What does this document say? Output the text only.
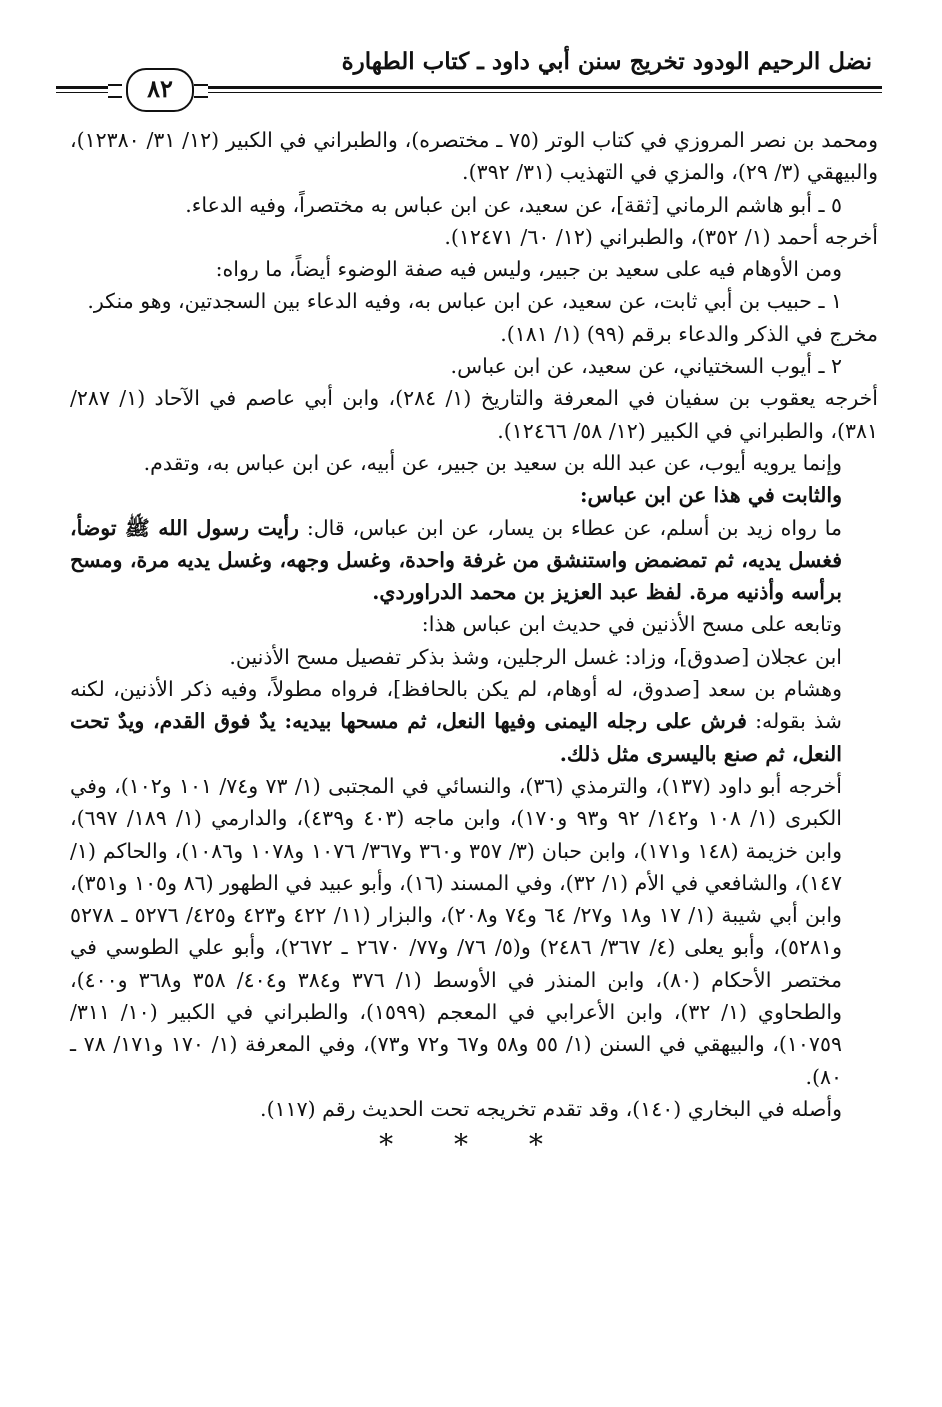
نضل الرحيم الودود تخريج سنن أبي داود ـ كتاب الطهارة
٨٢

ومحمد بن نصر المروزي في كتاب الوتر (٧٥ ـ مختصره)، والطبراني في الكبير (١٢/ ٣١/ ١٢٣٨٠)، والبيهقي (٣/ ٢٩)، والمزي في التهذيب (٣١/ ٣٩٢).

٥ ـ أبو هاشم الرماني [ثقة]، عن سعيد، عن ابن عباس به مختصراً، وفيه الدعاء.

أخرجه أحمد (١/ ٣٥٢)، والطبراني (١٢/ ٦٠/ ١٢٤٧١).

ومن الأوهام فيه على سعيد بن جبير، وليس فيه صفة الوضوء أيضاً، ما رواه:

١ ـ حبيب بن أبي ثابت، عن سعيد، عن ابن عباس به، وفيه الدعاء بين السجدتين، وهو منكر.

مخرج في الذكر والدعاء برقم (٩٩) (١/ ١٨١).

٢ ـ أيوب السختياني، عن سعيد، عن ابن عباس.

أخرجه يعقوب بن سفيان في المعرفة والتاريخ (١/ ٢٨٤)، وابن أبي عاصم في الآحاد (١/ ٢٨٧/ ٣٨١)، والطبراني في الكبير (١٢/ ٥٨/ ١٢٤٦٦).

وإنما يرويه أيوب، عن عبد الله بن سعيد بن جبير، عن أبيه، عن ابن عباس به، وتقدم.

والثابت في هذا عن ابن عباس:

ما رواه زيد بن أسلم، عن عطاء بن يسار، عن ابن عباس، قال: رأيت رسول الله ﷺ توضأ، فغسل يديه، ثم تمضمض واستنشق من غرفة واحدة، وغسل وجهه، وغسل يديه مرة، ومسح برأسه وأذنيه مرة. لفظ عبد العزيز بن محمد الدراوردي.

وتابعه على مسح الأذنين في حديث ابن عباس هذا:

ابن عجلان [صدوق]، وزاد: غسل الرجلين، وشذ بذكر تفصيل مسح الأذنين.

وهشام بن سعد [صدوق، له أوهام، لم يكن بالحافظ]، فرواه مطولاً، وفيه ذكر الأذنين، لكنه شذ بقوله: فرش على رجله اليمنى وفيها النعل، ثم مسحها بيديه: يدٌ فوق القدم، ويدٌ تحت النعل، ثم صنع باليسرى مثل ذلك.

أخرجه أبو داود (١٣٧)، والترمذي (٣٦)، والنسائي في المجتبى (١/ ٧٣ و٧٤/ ١٠١ و١٠٢)، وفي الكبرى (١/ ١٠٨ و١٤٢/ ٩٢ و٩٣ و١٧٠)، وابن ماجه (٤٠٣ و٤٣٩)، والدارمي (١/ ١٨٩/ ٦٩٧)، وابن خزيمة (١٤٨ و١٧١)، وابن حبان (٣/ ٣٥٧ و٣٦٠ و٣٦٧/ ١٠٧٦ و١٠٧٨ و١٠٨٦)، والحاكم (١/ ١٤٧)، والشافعي في الأم (١/ ٣٢)، وفي المسند (١٦)، وأبو عبيد في الطهور (٨٦ و١٠٥ و٣٥١)، وابن أبي شيبة (١/ ١٧ و١٨ و٢٧/ ٦٤ و٧٤ و٢٠٨)، والبزار (١١/ ٤٢٢ و٤٢٣ و٤٢٥/ ٥٢٧٦ ـ ٥٢٧٨ و٥٢٨١)، وأبو يعلى (٤/ ٣٦٧/ ٢٤٨٦) و(٥/ ٧٦/ و٧٧/ ٢٦٧٠ ـ ٢٦٧٢)، وأبو علي الطوسي في مختصر الأحكام (٨٠)، وابن المنذر في الأوسط (١/ ٣٧٦ و٣٨٤ و٤٠٤/ ٣٥٨ و٣٦٨ و٤٠٠)، والطحاوي (١/ ٣٢)، وابن الأعرابي في المعجم (١٥٩٩)، والطبراني في الكبير (١٠/ ٣١١/ ١٠٧٥٩)، والبيهقي في السنن (١/ ٥٥ و٥٨ و٦٧ و٧٢ و٧٣)، وفي المعرفة (١/ ١٧٠ و١٧١/ ٧٨ ـ ٨٠).

وأصله في البخاري (١٤٠)، وقد تقدم تخريجه تحت الحديث رقم (١١٧).

* * *
